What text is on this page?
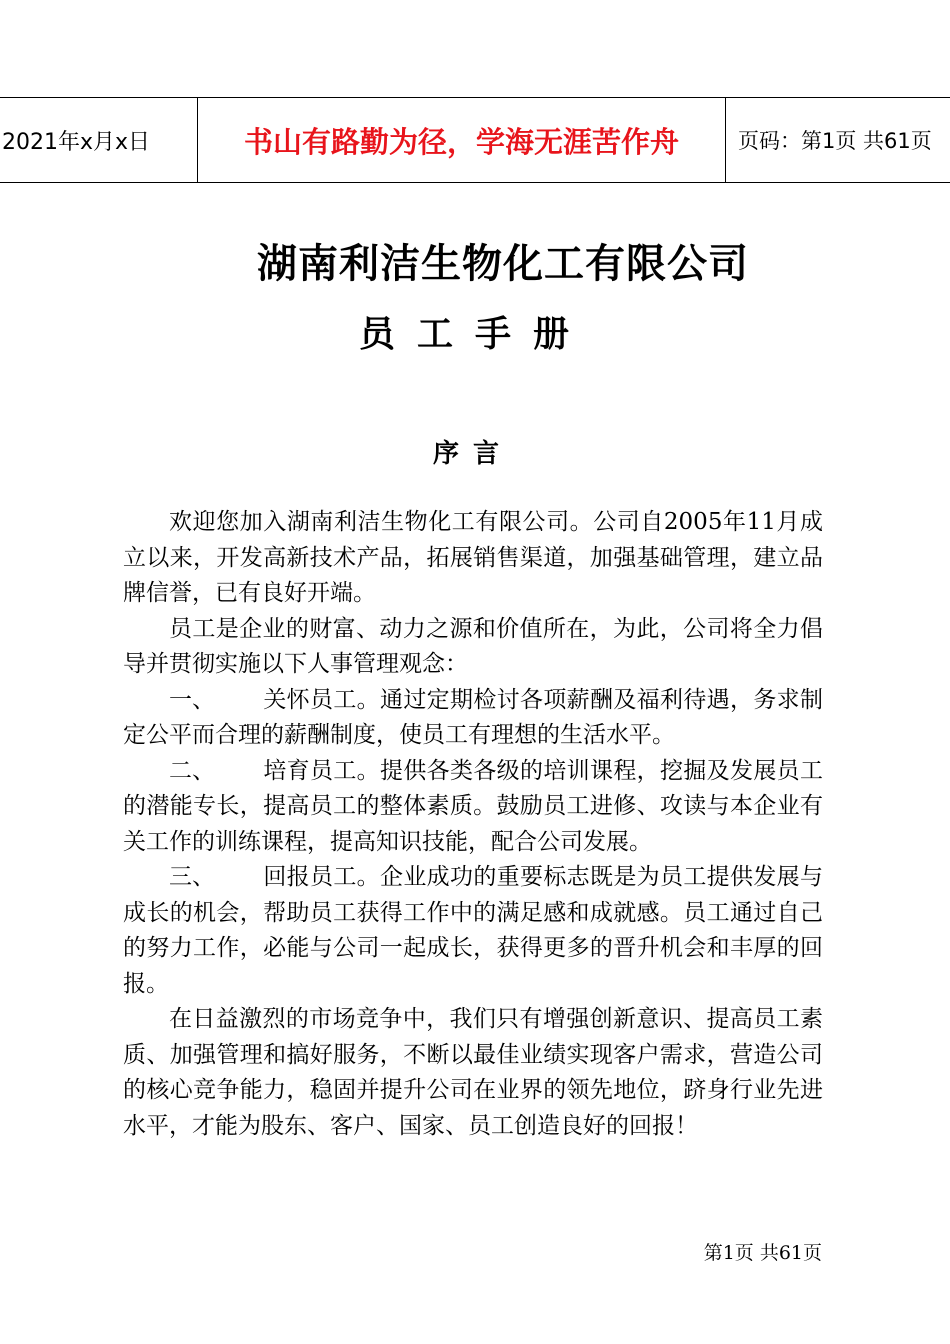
2021年x月x日	书山有路勤为径，学海无涯苦作舟	页码：第1页 共61页
湖南利洁生物化工有限公司
员工手册
序言

欢迎您加入湖南利洁生物化工有限公司。公司自2005年11月成立以来，开发高新技术产品，拓展销售渠道，加强基础管理，建立品牌信誉，已有良好开端。

员工是企业的财富、动力之源和价值所在，为此，公司将全力倡导并贯彻实施以下人事管理观念：

一、 关怀员工。通过定期检讨各项薪酬及福利待遇，务求制定公平而合理的薪酬制度，使员工有理想的生活水平。

二、 培育员工。提供各类各级的培训课程，挖掘及发展员工的潜能专长，提高员工的整体素质。鼓励员工进修、攻读与本企业有关工作的训练课程，提高知识技能，配合公司发展。

三、 回报员工。企业成功的重要标志既是为员工提供发展与成长的机会，帮助员工获得工作中的满足感和成就感。员工通过自己的努力工作，必能与公司一起成长，获得更多的晋升机会和丰厚的回报。

在日益激烈的市场竞争中，我们只有增强创新意识、提高员工素质、加强管理和搞好服务，不断以最佳业绩实现客户需求，营造公司的核心竞争能力，稳固并提升公司在业界的领先地位，跻身行业先进水平，才能为股东、客户、国家、员工创造良好的回报！

第1页 共61页
